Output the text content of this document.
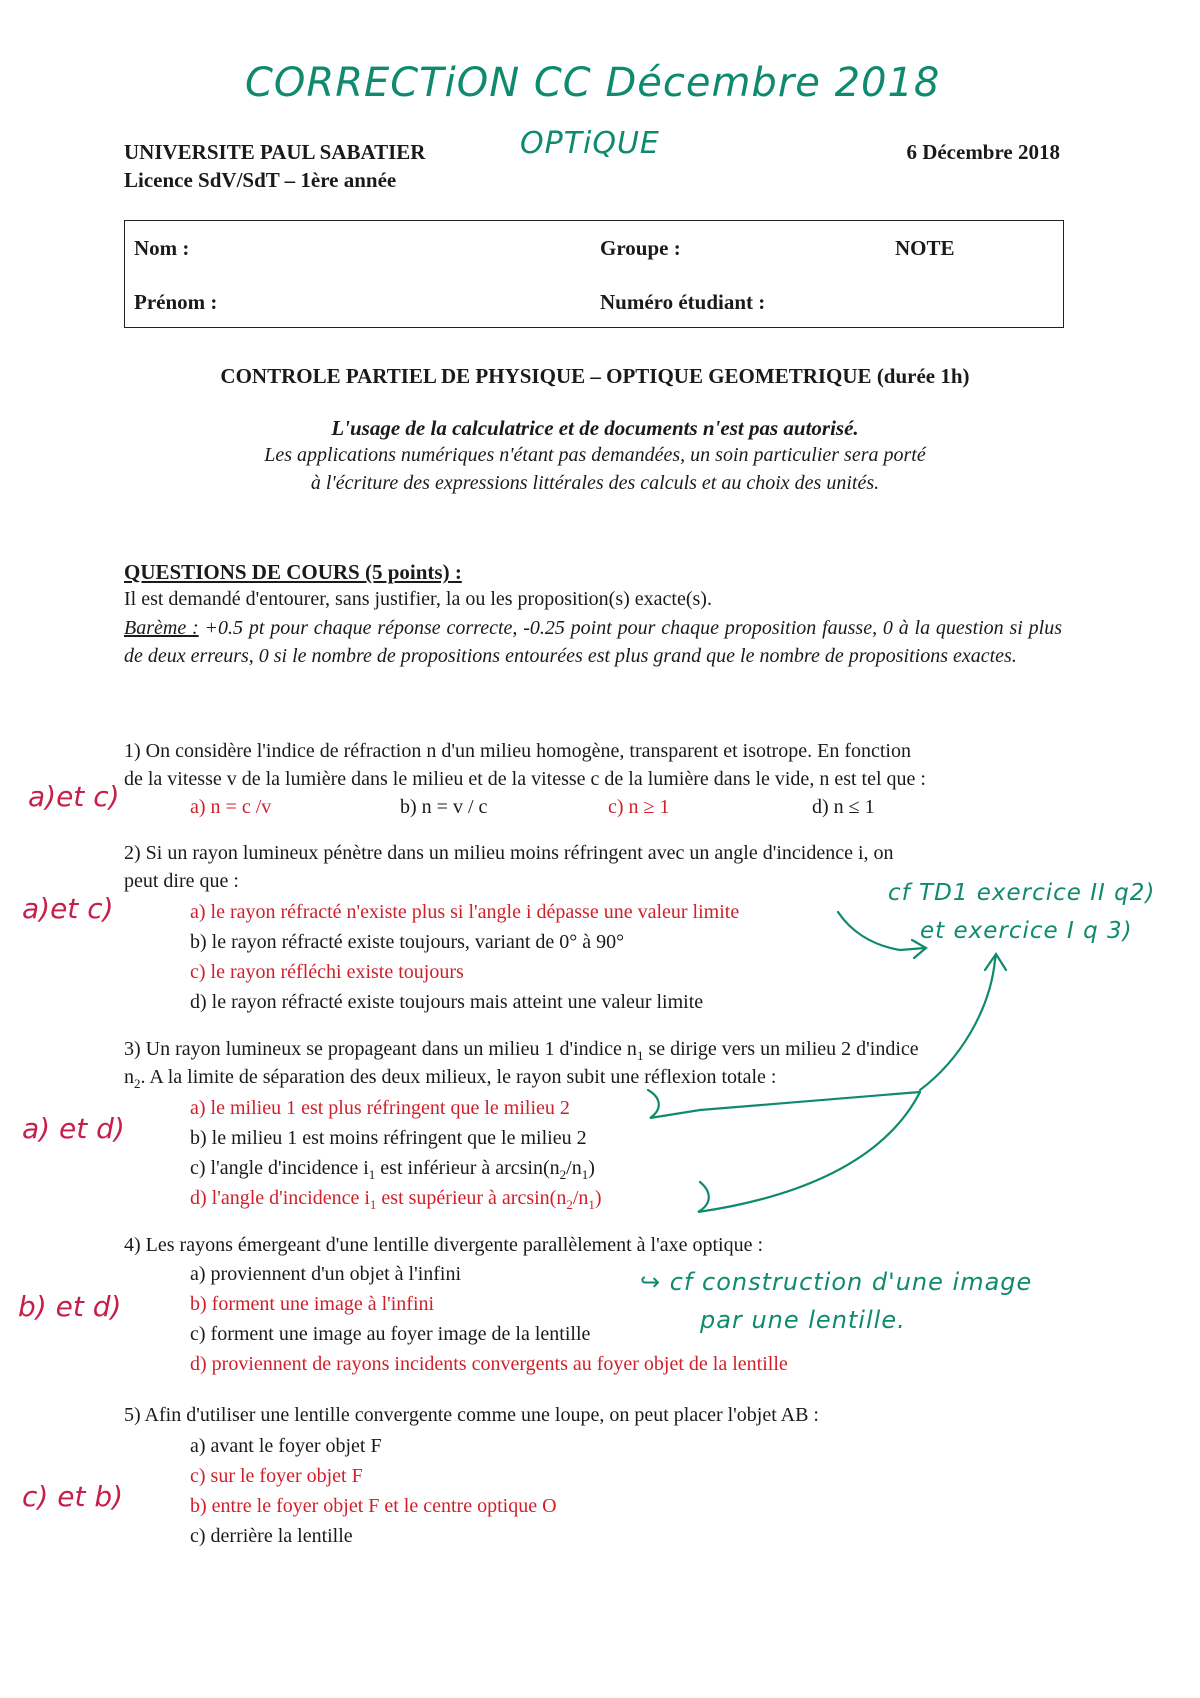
CORRECTiON CC Décembre 2018
OPTiQUE
UNIVERSITE PAUL SABATIER
Licence SdV/SdT – 1ère année
6 Décembre 2018
Nom :	Groupe :	NOTE
Prénom :	Numéro étudiant :
CONTROLE PARTIEL DE PHYSIQUE – OPTIQUE GEOMETRIQUE (durée 1h)
L'usage de la calculatrice et de documents n'est pas autorisé.
Les applications numériques n'étant pas demandées, un soin particulier sera porté
à l'écriture des expressions littérales des calculs et au choix des unités.
QUESTIONS DE COURS (5 points) :
Il est demandé d'entourer, sans justifier, la ou les proposition(s) exacte(s).
Barème : +0.5 pt pour chaque réponse correcte, -0.25 point pour chaque proposition fausse, 0 à la question si plus de deux erreurs, 0 si le nombre de propositions entourées est plus grand que le nombre de propositions exactes.
a)et c)
1) On considère l'indice de réfraction n d'un milieu homogène, transparent et isotrope. En fonction
de la vitesse v de la lumière dans le milieu et de la vitesse c de la lumière dans le vide, n est tel que :
a) n = c /v	b) n = v / c	c) n ≥ 1	d) n ≤ 1
a)et c)
2) Si un rayon lumineux pénètre dans un milieu moins réfringent avec un angle d'incidence i, on
peut dire que :
a) le rayon réfracté n'existe plus si l'angle i dépasse une valeur limite
b) le rayon réfracté existe toujours, variant de 0° à 90°
c) le rayon réfléchi existe toujours
d) le rayon réfracté existe toujours mais atteint une valeur limite
cf TD1 exercice II q2)
et exercice I q 3)
a) et d)
3) Un rayon lumineux se propageant dans un milieu 1 d'indice $n_1$ se dirige vers un milieu 2 d'indice
$n_2$. A la limite de séparation des deux milieux, le rayon subit une réflexion totale :
a) le milieu 1 est plus réfringent que le milieu 2
b) le milieu 1 est moins réfringent que le milieu 2
c) l'angle d'incidence $i_1$ est inférieur à $\arcsin(n_2/n_1)$
d) l'angle d'incidence $i_1$ est supérieur à $\arcsin(n_2/n_1)$
b) et d)
4) Les rayons émergeant d'une lentille divergente parallèlement à l'axe optique :
a) proviennent d'un objet à l'infini
b) forment une image à l'infini
c) forment une image au foyer image de la lentille
d) proviennent de rayons incidents convergents au foyer objet de la lentille
↪ cf construction d'une image
par une lentille.
c) et b)
5) Afin d'utiliser une lentille convergente comme une loupe, on peut placer l'objet AB :
a) avant le foyer objet F
c) sur le foyer objet F
b) entre le foyer objet F et le centre optique O
c) derrière la lentille
